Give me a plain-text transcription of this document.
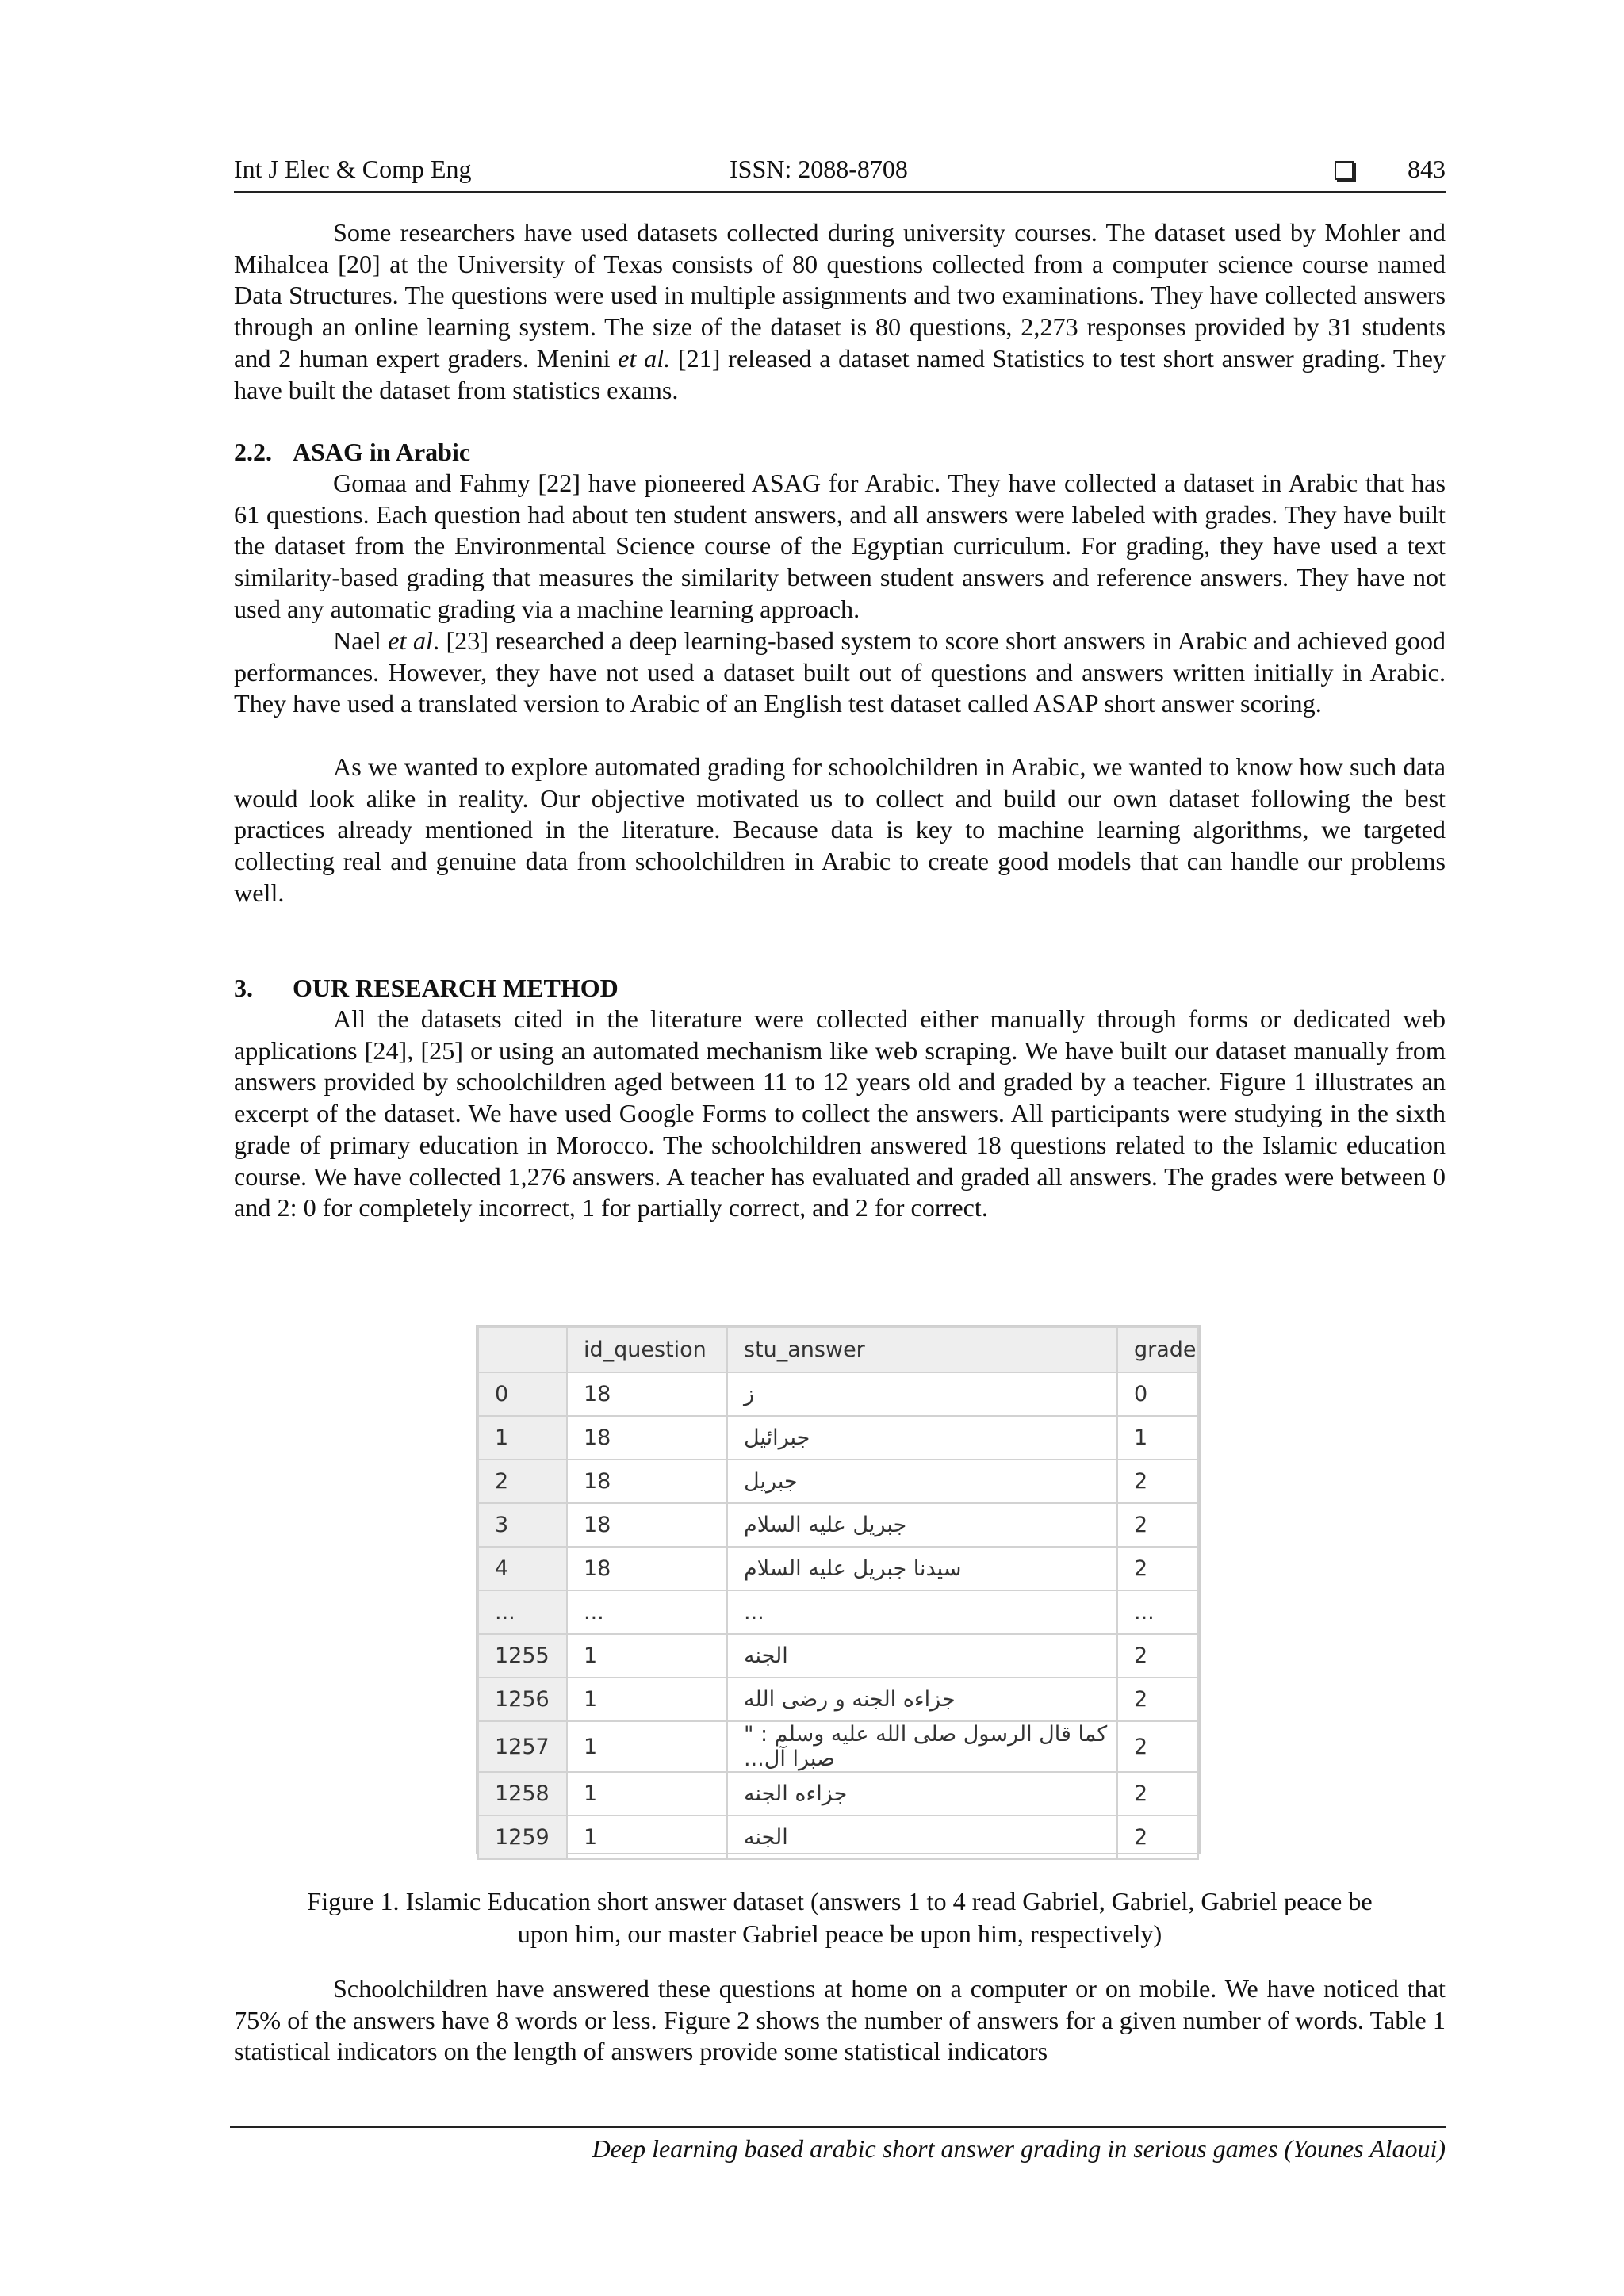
Int J Elec & Comp Eng	ISSN: 2088-8708	843

Some researchers have used datasets collected during university courses. The dataset used by Mohler and Mihalcea [20] at the University of Texas consists of 80 questions collected from a computer science course named Data Structures. The questions were used in multiple assignments and two examinations. They have collected answers through an online learning system. The size of the dataset is 80 questions, 2,273 responses provided by 31 students and 2 human expert graders. Menini et al. [21] released a dataset named Statistics to test short answer grading. They have built the dataset from statistics exams.

2.2. ASAG in Arabic

Gomaa and Fahmy [22] have pioneered ASAG for Arabic. They have collected a dataset in Arabic that has 61 questions. Each question had about ten student answers, and all answers were labeled with grades. They have built the dataset from the Environmental Science course of the Egyptian curriculum. For grading, they have used a text similarity-based grading that measures the similarity between student answers and reference answers. They have not used any automatic grading via a machine learning approach.

Nael et al. [23] researched a deep learning-based system to score short answers in Arabic and achieved good performances. However, they have not used a dataset built out of questions and answers written initially in Arabic. They have used a translated version to Arabic of an English test dataset called ASAP short answer scoring.

As we wanted to explore automated grading for schoolchildren in Arabic, we wanted to know how such data would look alike in reality. Our objective motivated us to collect and build our own dataset following the best practices already mentioned in the literature. Because data is key to machine learning algorithms, we targeted collecting real and genuine data from schoolchildren in Arabic to create good models that can handle our problems well.

3. OUR RESEARCH METHOD

All the datasets cited in the literature were collected either manually through forms or dedicated web applications [24], [25] or using an automated mechanism like web scraping. We have built our dataset manually from answers provided by schoolchildren aged between 11 to 12 years old and graded by a teacher. Figure 1 illustrates an excerpt of the dataset. We have used Google Forms to collect the answers. All participants were studying in the sixth grade of primary education in Morocco. The schoolchildren answered 18 questions related to the Islamic education course. We have collected 1,276 answers. A teacher has evaluated and graded all answers. The grades were between 0 and 2: 0 for completely incorrect, 1 for partially correct, and 2 for correct.

	id_question	stu_answer	grade
0	18	ز	0
1	18	جبرائيل	1
2	18	جبريل	2
3	18	جبريل عليه السلام	2
4	18	سيدنا جبريل عليه السلام	2
...	...	...	...
1255	1	الجنه	2
1256	1	جزاءه الجنه و رضى الله	2
1257	1	كما قال الرسول صلى الله عليه وسلم : " صبرا آل...	2
1258	1	جزاءه الجنه	2
1259	1	الجنه	2
Figure 1. Islamic Education short answer dataset (answers 1 to 4 read Gabriel, Gabriel, Gabriel peace be
upon him, our master Gabriel peace be upon him, respectively)

Schoolchildren have answered these questions at home on a computer or on mobile. We have noticed that 75% of the answers have 8 words or less. Figure 2 shows the number of answers for a given number of words. Table 1 statistical indicators on the length of answers provide some statistical indicators

Deep learning based arabic short answer grading in serious games (Younes Alaoui)
